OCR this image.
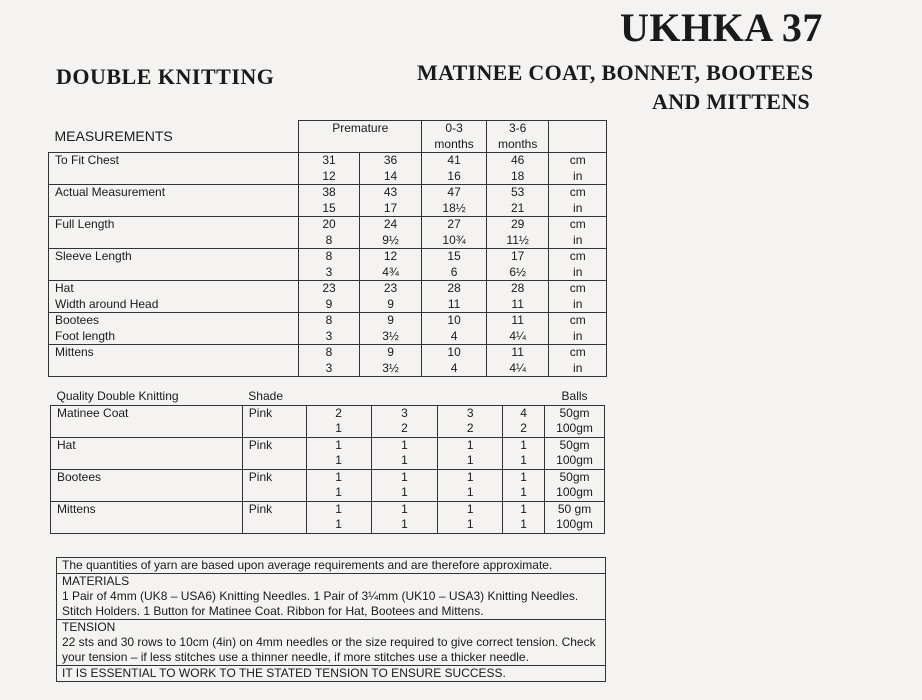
UKHKA 37
DOUBLE KNITTING	MATINEE COAT, BONNET, BOOTEES
AND MITTENS
MEASUREMENTS	Premature		0-3	3-6	
			months	months	
To Fit Chest	31	36	41	46	cm
	12	14	16	18	in
Actual Measurement	38	43	47	53	cm
	15	17	18½	21	in
Full Length	20	24	27	29	cm
	8	9½	10¾	11½	in
Sleeve Length	8	12	15	17	cm
	3	4¾	6	6½	in
Hat	23	23	28	28	cm
Width around Head	9	9	11	11	in
Bootees	8	9	10	11	cm
Foot length	3	3½	4	4¼	in
Mittens	8	9	10	11	cm
	3	3½	4	4¼	in
Quality Double Knitting	Shade					Balls
Matinee Coat	Pink	2	3	3	4	50gm
		1	2	2	2	100gm
Hat	Pink	1	1	1	1	50gm
		1	1	1	1	100gm
Bootees	Pink	1	1	1	1	50gm
		1	1	1	1	100gm
Mittens	Pink	1	1	1	1	50 gm
		1	1	1	1	100gm
The quantities of yarn are based upon average requirements and are therefore approximate.
MATERIALS
1 Pair of 4mm (UK8 – USA6) Knitting Needles. 1 Pair of 3¼mm (UK10 – USA3) Knitting Needles.
Stitch Holders. 1 Button for Matinee Coat. Ribbon for Hat, Bootees and Mittens.
TENSION
22 sts and 30 rows to 10cm (4in) on 4mm needles or the size required to give correct tension. Check
your tension – if less stitches use a thinner needle, if more stitches use a thicker needle.
IT IS ESSENTIAL TO WORK TO THE STATED TENSION TO ENSURE SUCCESS.
